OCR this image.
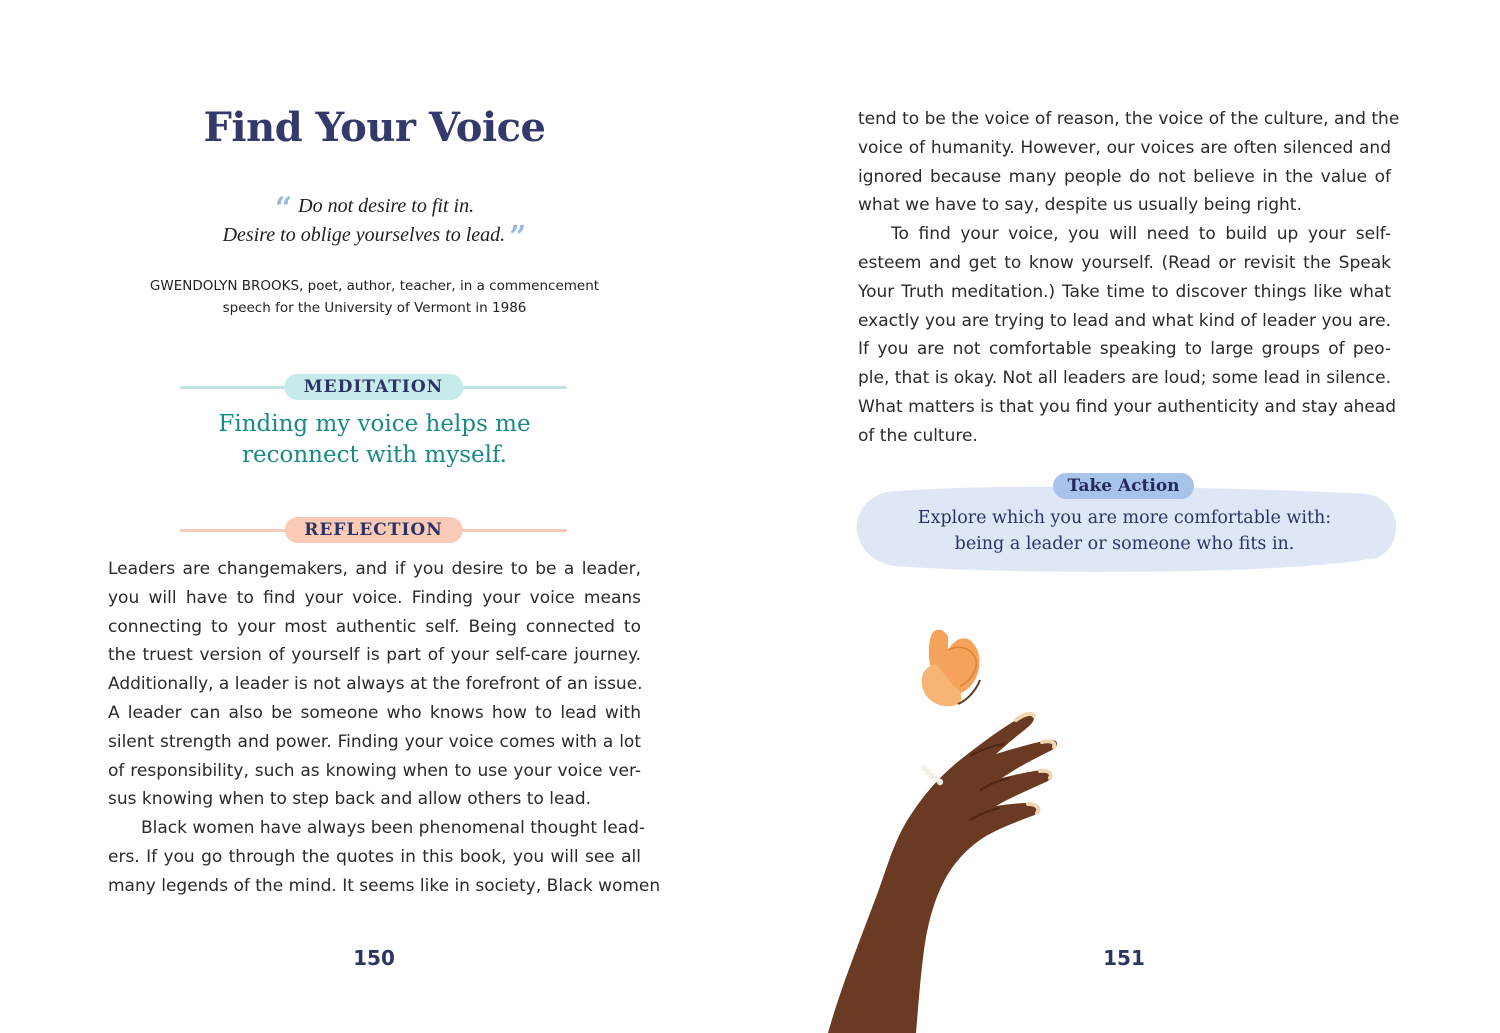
Find Your Voice
“ Do not desire to fit in.
Desire to oblige yourselves to lead. ”
GWENDOLYN BROOKS, poet, author, teacher, in a commencement
speech for the University of Vermont in 1986
MEDITATION
Finding my voice helps me
reconnect with myself.
REFLECTION
Leaders are changemakers, and if you desire to be a leader,
you will have to find your voice. Finding your voice means
connecting to your most authentic self. Being connected to
the truest version of yourself is part of your self-care journey.
Additionally, a leader is not always at the forefront of an issue.
A leader can also be someone who knows how to lead with
silent strength and power. Finding your voice comes with a lot
of responsibility, such as knowing when to use your voice ver-
sus knowing when to step back and allow others to lead.
Black women have always been phenomenal thought lead-
ers. If you go through the quotes in this book, you will see all
many legends of the mind. It seems like in society, Black women
150
tend to be the voice of reason, the voice of the culture, and the
voice of humanity. However, our voices are often silenced and
ignored because many people do not believe in the value of
what we have to say, despite us usually being right.
To find your voice, you will need to build up your self-
esteem and get to know yourself. (Read or revisit the Speak
Your Truth meditation.) Take time to discover things like what
exactly you are trying to lead and what kind of leader you are.
If you are not comfortable speaking to large groups of peo-
ple, that is okay. Not all leaders are loud; some lead in silence.
What matters is that you find your authenticity and stay ahead
of the culture.
Take Action
Explore which you are more comfortable with:
being a leader or someone who fits in.
151
